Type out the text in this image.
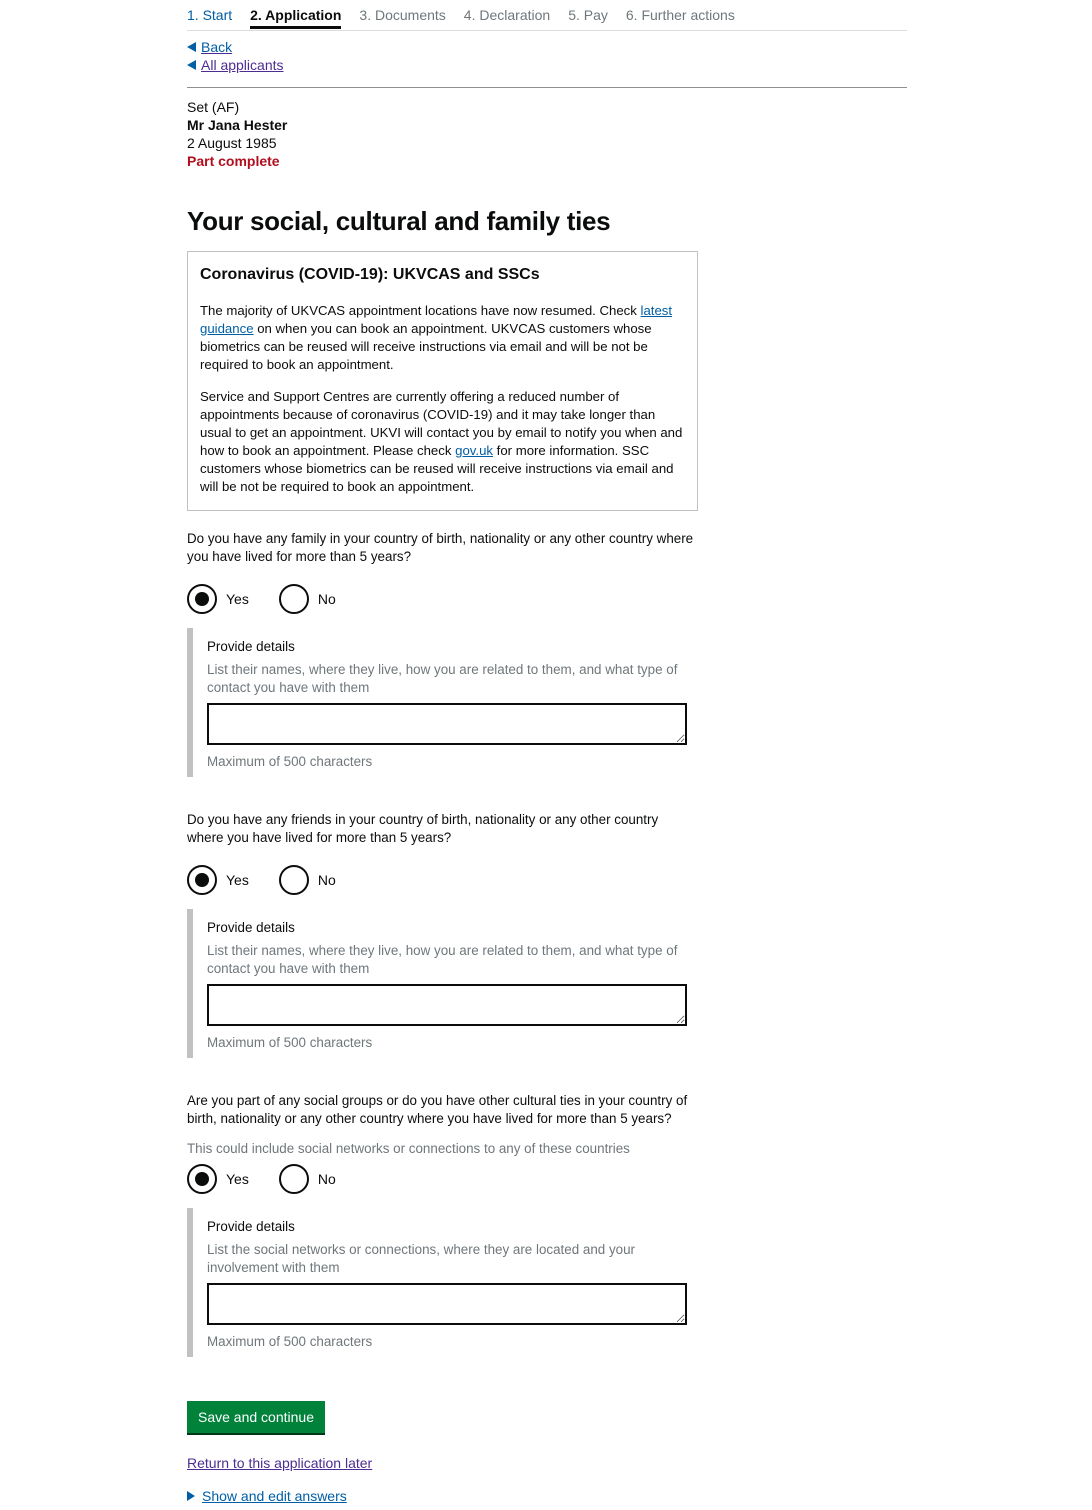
1. Start 2. Application 3. Documents 4. Declaration 5. Pay 6. Further actions
Back
All applicants
Set (AF)
Mr Jana Hester
2 August 1985
Part complete
Your social, cultural and family ties
Coronavirus (COVID-19): UKVCAS and SSCs

The majority of UKVCAS appointment locations have now resumed. Check latest guidance on when you can book an appointment. UKVCAS customers whose biometrics can be reused will receive instructions via email and will be not be required to book an appointment.

Service and Support Centres are currently offering a reduced number of appointments because of coronavirus (COVID-19) and it may take longer than usual to get an appointment. UKVI will contact you by email to notify you when and how to book an appointment. Please check gov.uk for more information. SSC customers whose biometrics can be reused will receive instructions via email and will be not be required to book an appointment.

Do you have any family in your country of birth, nationality or any other country where you have lived for more than 5 years?
Yes	No
Provide details
List their names, where they live, how you are related to them, and what type of contact you have with them
Maximum of 500 characters
Do you have any friends in your country of birth, nationality or any other country where you have lived for more than 5 years?
Yes	No
Provide details
List their names, where they live, how you are related to them, and what type of contact you have with them
Maximum of 500 characters
Are you part of any social groups or do you have other cultural ties in your country of birth, nationality or any other country where you have lived for more than 5 years?
This could include social networks or connections to any of these countries
Yes	No
Provide details
List the social networks or connections, where they are located and your involvement with them
Maximum of 500 characters
Save and continue
Return to this application later
Show and edit answers
